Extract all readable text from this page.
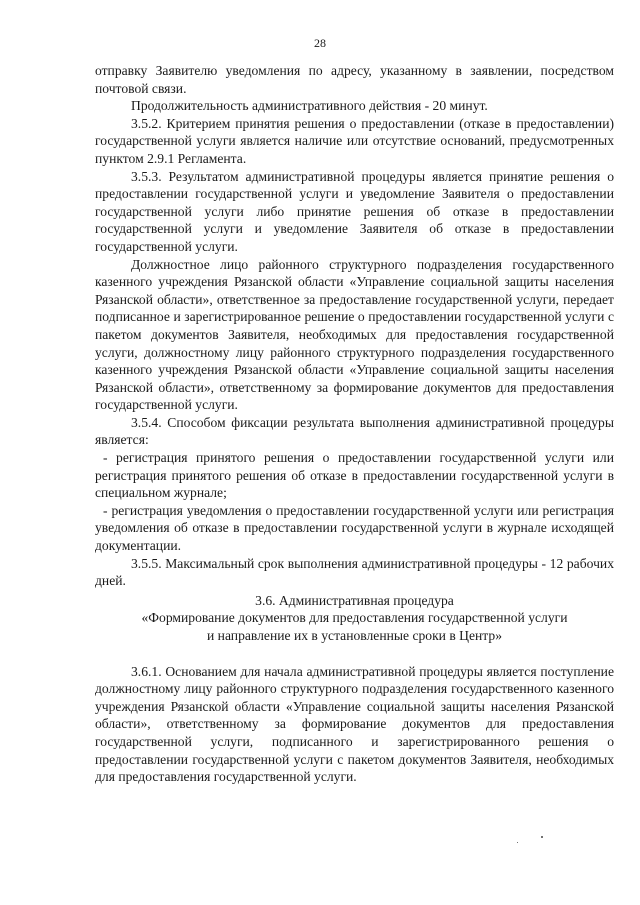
28

отправку Заявителю уведомления по адресу, указанному в заявлении, посредством почтовой связи.

Продолжительность административного действия - 20 минут.

3.5.2. Критерием принятия решения о предоставлении (отказе в предоставлении) государственной услуги является наличие или отсутствие оснований, предусмотренных пунктом 2.9.1 Регламента.

3.5.3. Результатом административной процедуры является принятие решения о предоставлении государственной услуги и уведомление Заявителя о предоставлении государственной услуги либо принятие решения об отказе в предоставлении государственной услуги и уведомление Заявителя об отказе в предоставлении государственной услуги.

Должностное лицо районного структурного подразделения государственного казенного учреждения Рязанской области «Управление социальной защиты населения Рязанской области», ответственное за предоставление государственной услуги, передает подписанное и зарегистрированное решение о предоставлении государственной услуги с пакетом документов Заявителя, необходимых для предоставления государственной услуги, должностному лицу районного структурного подразделения государственного казенного учреждения Рязанской области «Управление социальной защиты населения Рязанской области», ответственному за формирование документов для предоставления государственной услуги.

3.5.4. Способом фиксации результата выполнения административной процедуры является:

- регистрация принятого решения о предоставлении государственной услуги или регистрация принятого решения об отказе в предоставлении государственной услуги в специальном журнале;

- регистрация уведомления о предоставлении государственной услуги или регистрация уведомления об отказе в предоставлении государственной услуги в журнале исходящей документации.

3.5.5. Максимальный срок выполнения административной процедуры - 12 рабочих дней.

3.6. Административная процедура

«Формирование документов для предоставления государственной услуги

и направление их в установленные сроки в Центр»

3.6.1. Основанием для начала административной процедуры является поступление должностному лицу районного структурного подразделения государственного казенного учреждения Рязанской области «Управление социальной защиты населения Рязанской области», ответственному за формирование документов для предоставления государственной услуги, подписанного и зарегистрированного решения о предоставлении государственной услуги с пакетом документов Заявителя, необходимых для предоставления государственной услуги.
